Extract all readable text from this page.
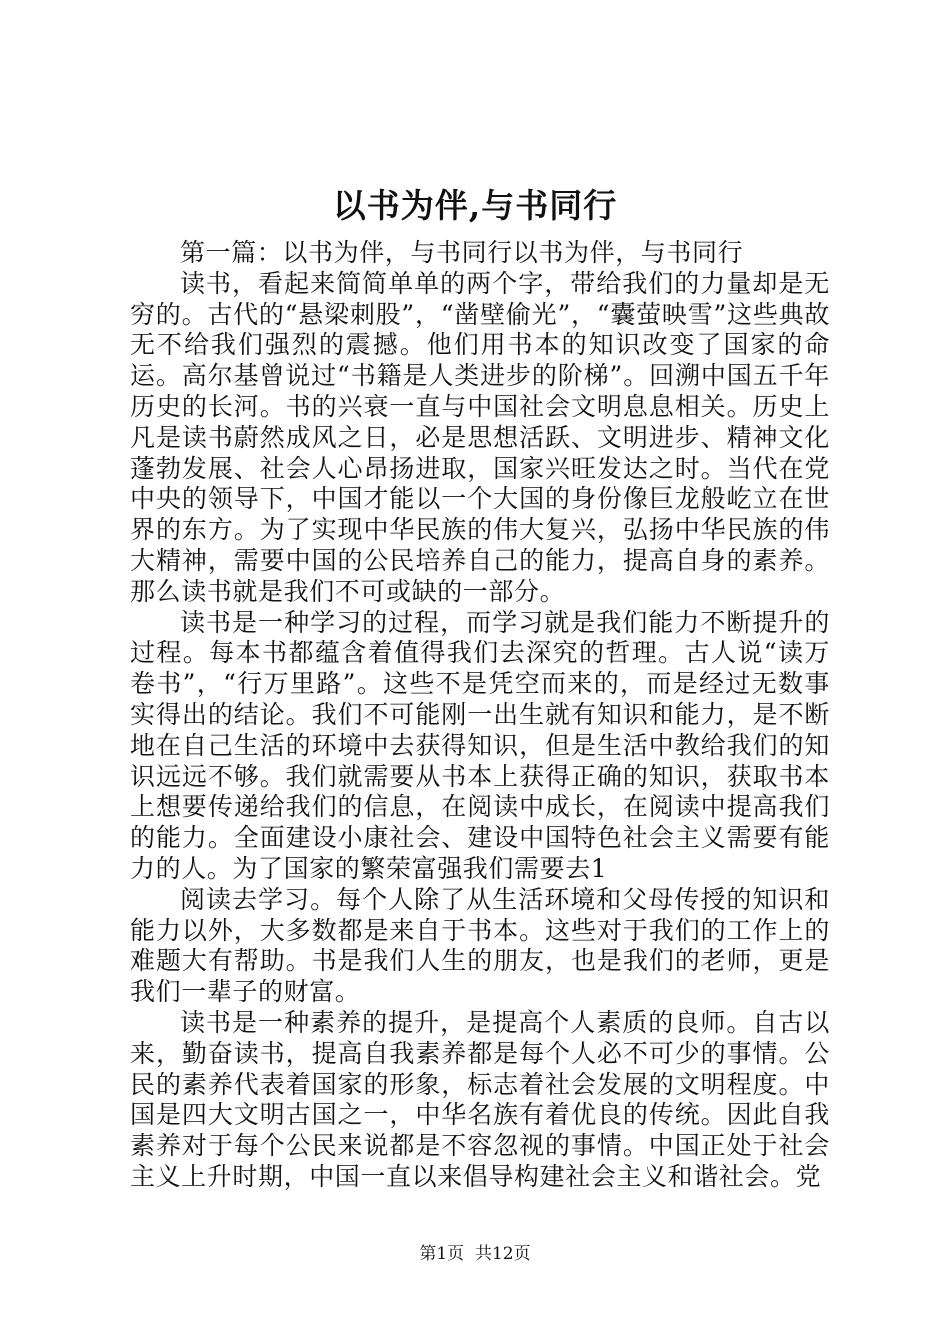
以书为伴,与书同行

第一篇：以书为伴，与书同行以书为伴，与书同行

读书，看起来简简单单的两个字，带给我们的力量却是无穷的。古代的“悬梁刺股”，“凿壁偷光”，“囊萤映雪”这些典故无不给我们强烈的震撼。他们用书本的知识改变了国家的命运。高尔基曾说过“书籍是人类进步的阶梯”。回溯中国五千年历史的长河。书的兴衰一直与中国社会文明息息相关。历史上凡是读书蔚然成风之日，必是思想活跃、文明进步、精神文化蓬勃发展、社会人心昂扬进取，国家兴旺发达之时。当代在党中央的领导下，中国才能以一个大国的身份像巨龙般屹立在世界的东方。为了实现中华民族的伟大复兴，弘扬中华民族的伟大精神，需要中国的公民培养自己的能力，提高自身的素养。那么读书就是我们不可或缺的一部分。

读书是一种学习的过程，而学习就是我们能力不断提升的过程。每本书都蕴含着值得我们去深究的哲理。古人说“读万卷书”，“行万里路”。这些不是凭空而来的，而是经过无数事实得出的结论。我们不可能刚一出生就有知识和能力，是不断地在自己生活的环境中去获得知识，但是生活中教给我们的知识远远不够。我们就需要从书本上获得正确的知识，获取书本上想要传递给我们的信息，在阅读中成长，在阅读中提高我们的能力。全面建设小康社会、建设中国特色社会主义需要有能力的人。为了国家的繁荣富强我们需要去1

阅读去学习。每个人除了从生活环境和父母传授的知识和能力以外，大多数都是来自于书本。这些对于我们的工作上的难题大有帮助。书是我们人生的朋友，也是我们的老师，更是我们一辈子的财富。

读书是一种素养的提升，是提高个人素质的良师。自古以来，勤奋读书，提高自我素养都是每个人必不可少的事情。公民的素养代表着国家的形象，标志着社会发展的文明程度。中国是四大文明古国之一，中华名族有着优良的传统。因此自我素养对于每个公民来说都是不容忽视的事情。中国正处于社会主义上升时期，中国一直以来倡导构建社会主义和谐社会。党

第1页  共12页
